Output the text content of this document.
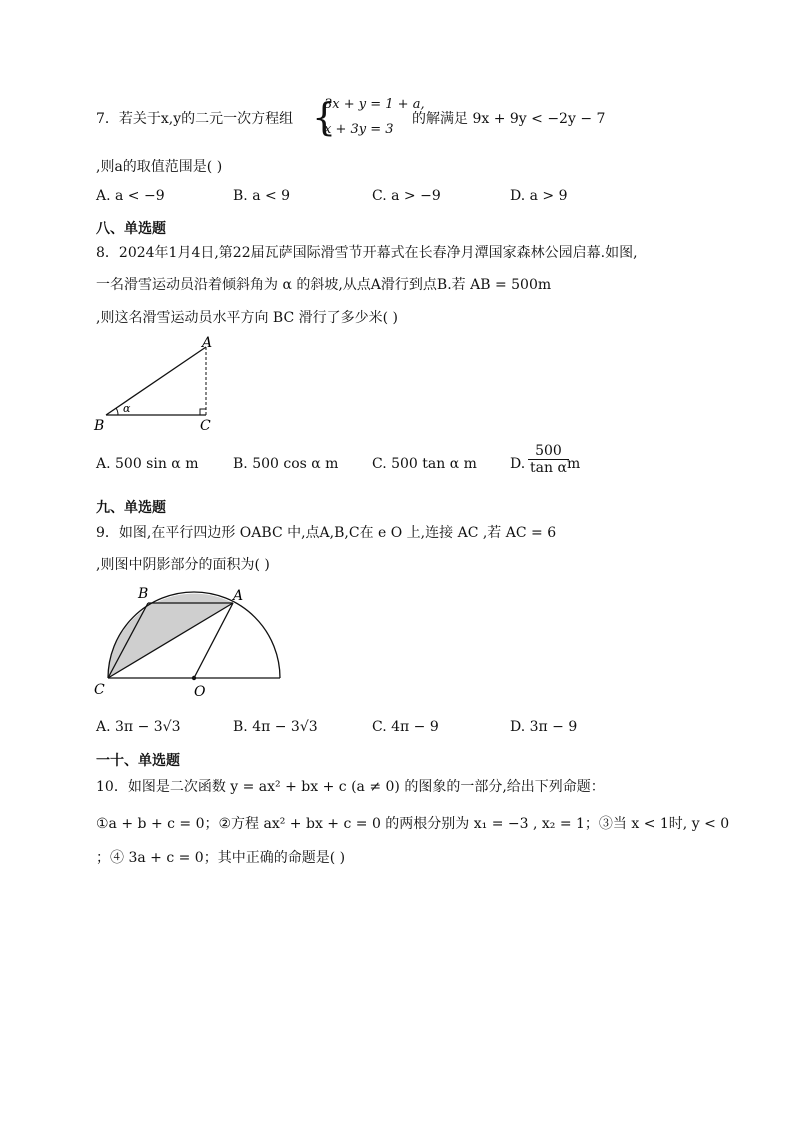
7．若关于x,y的二元一次方程组 {
3x + y = 1 + a,
x + 3y = 3
的解满足 9x + 9y < −2y − 7
,则a的取值范围是( )
A. a < −9	B. a < 9	C. a > −9	D. a > 9
八、单选题
8．2024年1月4日,第22届瓦萨国际滑雪节开幕式在长春净月潭国家森林公园启幕.如图,
一名滑雪运动员沿着倾斜角为 α 的斜坡,从点A滑行到点B.若 AB = 500m
,则这名滑雪运动员水平方向 BC 滑行了多少米( )
A
B	C
α
A. 500 sin α m B. 500 cos α m C. 500 tan α m D. $\frac{500}{\text{tan α}}$
m
九、单选题
9．如图,在平行四边形 OABC 中,点A,B,C在 e O 上,连接 AC ,若 AC = 6
,则图中阴影部分的面积为( )
B	A
C	O
A. 3π − 3√3	B. 4π − 3√3	C. 4π − 9	D. 3π − 9
一十、单选题
10．如图是二次函数 y = ax² + bx + c (a ≠ 0) 的图象的一部分,给出下列命题：
①a + b + c = 0；②方程 ax² + bx + c = 0 的两根分别为 x₁ = −3 , x₂ = 1；③当 x < 1时, y < 0
；④ 3a + c = 0；其中正确的命题是( )
